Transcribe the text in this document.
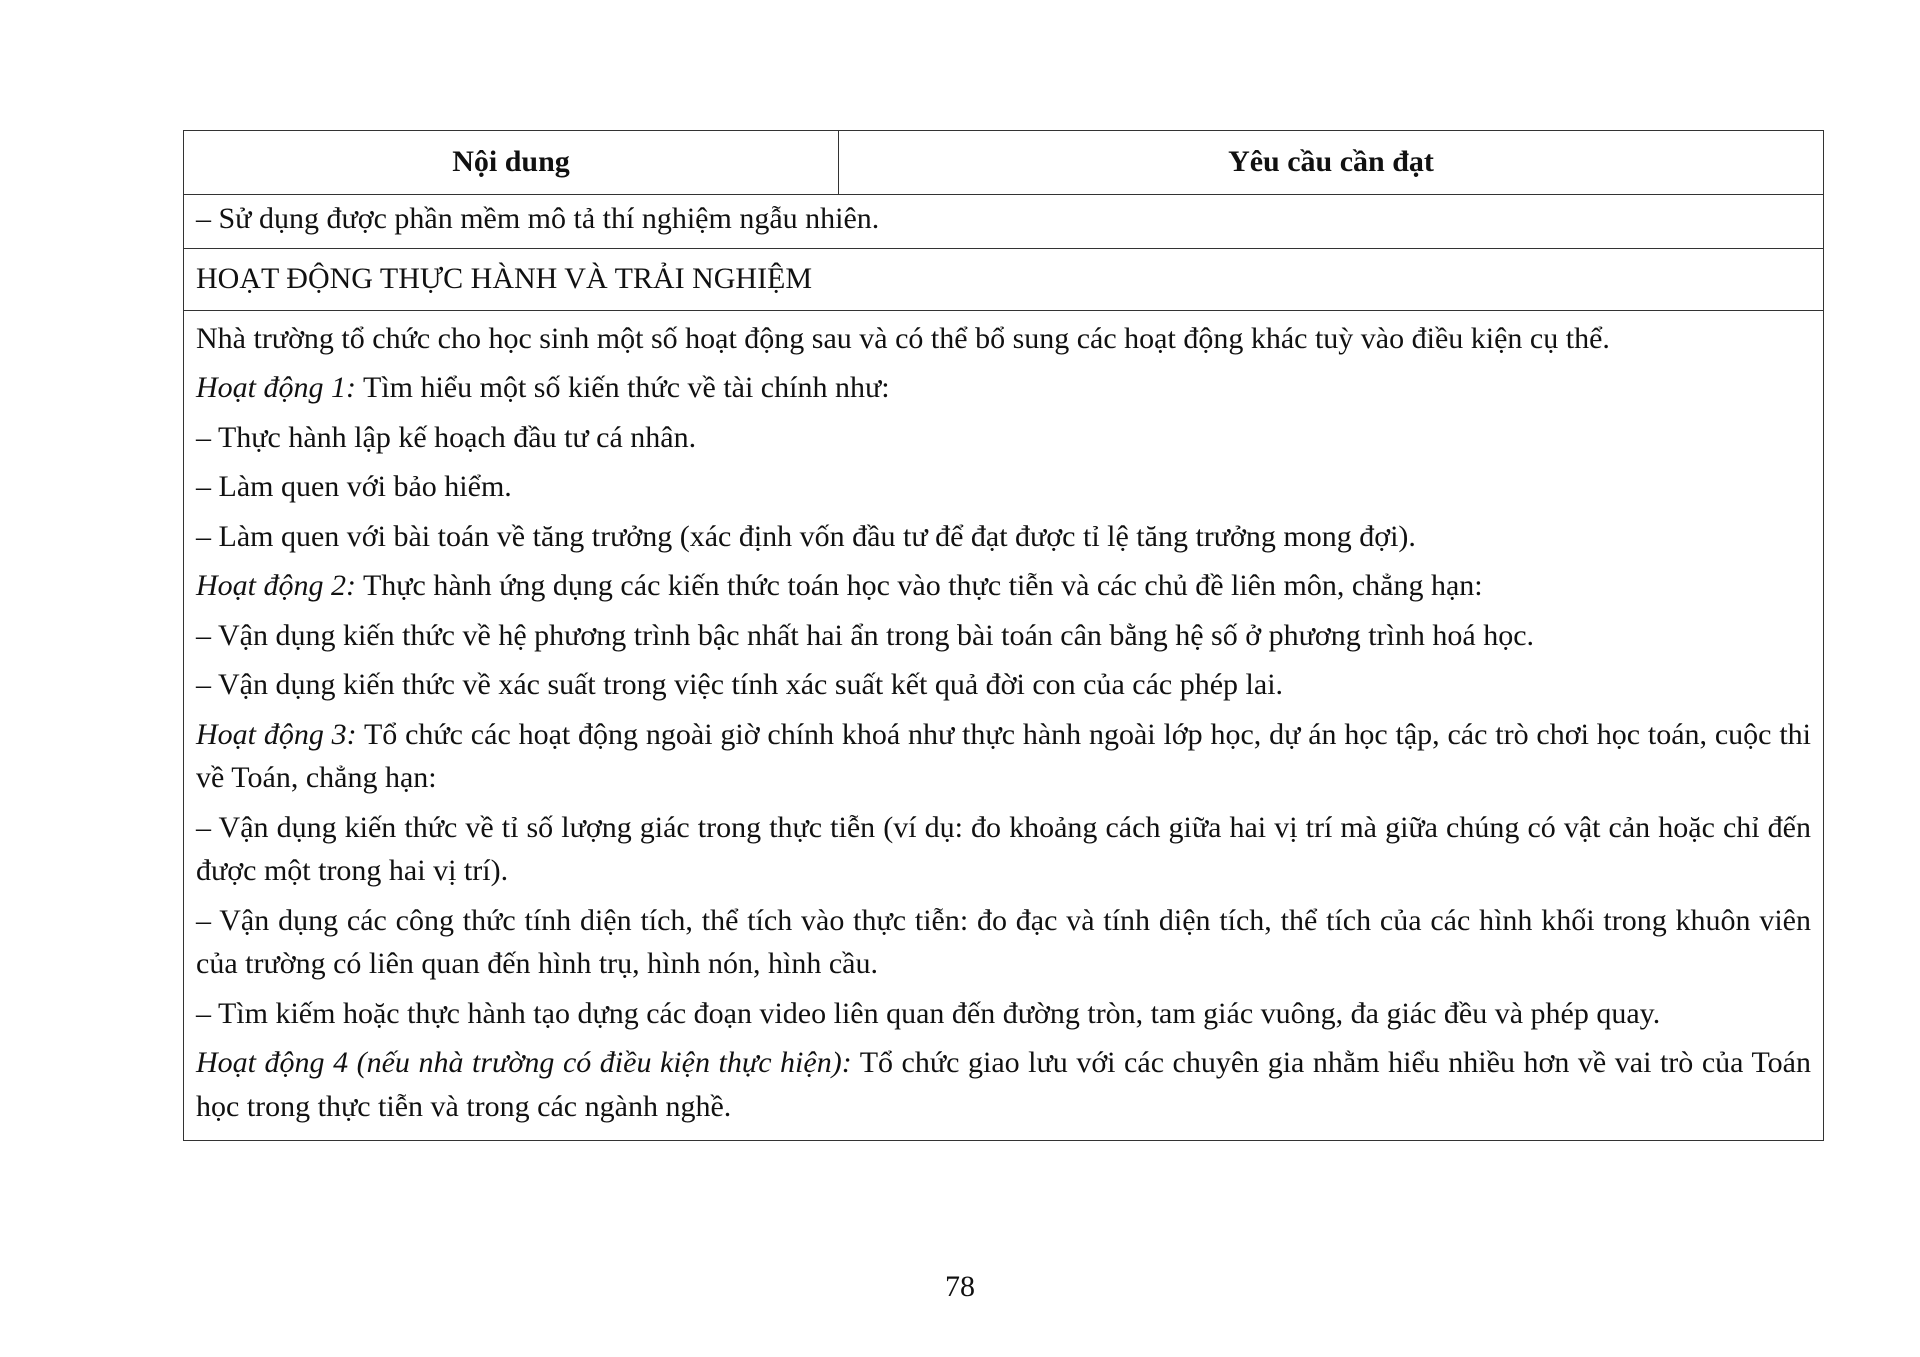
Nội dung	Yêu cầu cần đạt
– Sử dụng được phần mềm mô tả thí nghiệm ngẫu nhiên.
HOẠT ĐỘNG THỰC HÀNH VÀ TRẢI NGHIỆM

Nhà trường tổ chức cho học sinh một số hoạt động sau và có thể bổ sung các hoạt động khác tuỳ vào điều kiện cụ thể.

Hoạt động 1: Tìm hiểu một số kiến thức về tài chính như:

– Thực hành lập kế hoạch đầu tư cá nhân.

– Làm quen với bảo hiểm.

– Làm quen với bài toán về tăng trưởng (xác định vốn đầu tư để đạt được tỉ lệ tăng trưởng mong đợi).

Hoạt động 2: Thực hành ứng dụng các kiến thức toán học vào thực tiễn và các chủ đề liên môn, chẳng hạn:

– Vận dụng kiến thức về hệ phương trình bậc nhất hai ẩn trong bài toán cân bằng hệ số ở phương trình hoá học.

– Vận dụng kiến thức về xác suất trong việc tính xác suất kết quả đời con của các phép lai.

Hoạt động 3: Tổ chức các hoạt động ngoài giờ chính khoá như thực hành ngoài lớp học, dự án học tập, các trò chơi học toán, cuộc thi về Toán, chẳng hạn:

– Vận dụng kiến thức về tỉ số lượng giác trong thực tiễn (ví dụ: đo khoảng cách giữa hai vị trí mà giữa chúng có vật cản hoặc chỉ đến được một trong hai vị trí).

– Vận dụng các công thức tính diện tích, thể tích vào thực tiễn: đo đạc và tính diện tích, thể tích của các hình khối trong khuôn viên của trường có liên quan đến hình trụ, hình nón, hình cầu.

– Tìm kiếm hoặc thực hành tạo dựng các đoạn video liên quan đến đường tròn, tam giác vuông, đa giác đều và phép quay.

Hoạt động 4 (nếu nhà trường có điều kiện thực hiện): Tổ chức giao lưu với các chuyên gia nhằm hiểu nhiều hơn về vai trò của Toán học trong thực tiễn và trong các ngành nghề.

78
